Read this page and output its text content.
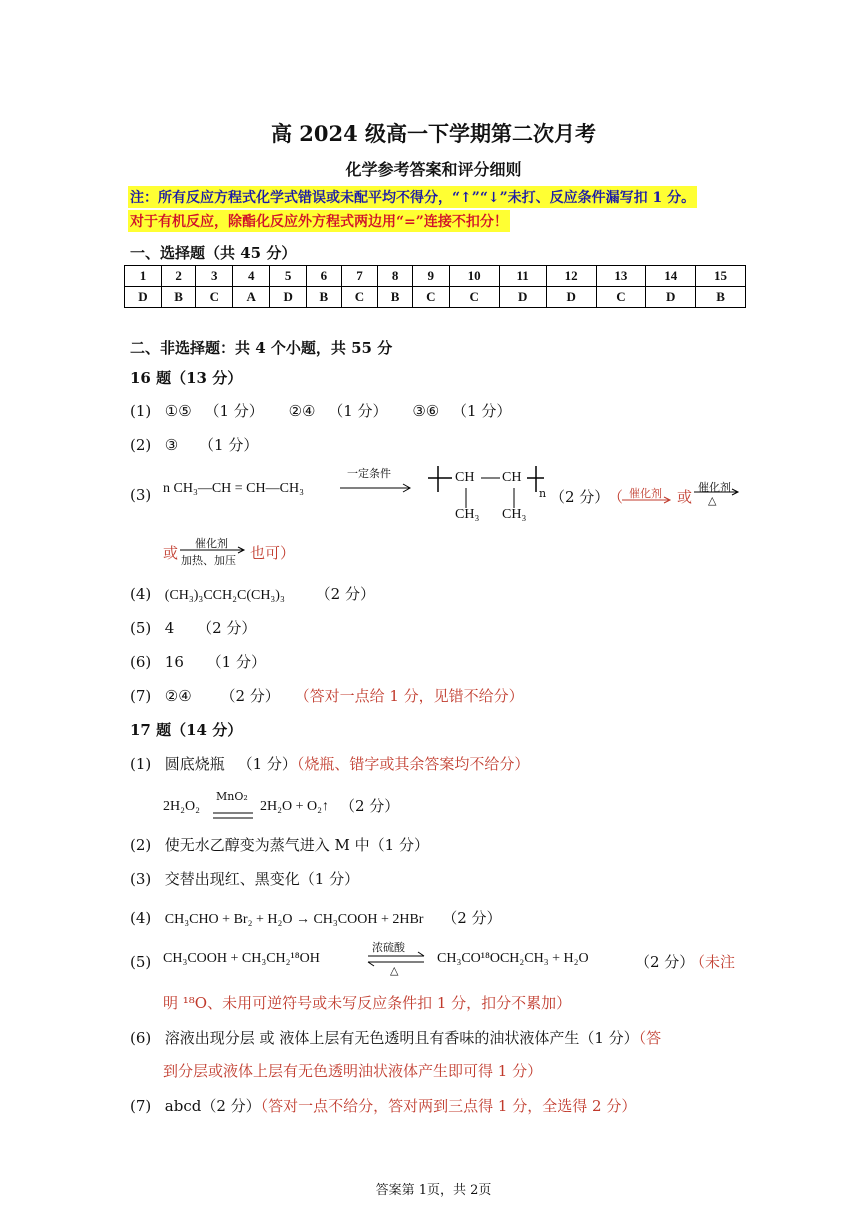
高 2024 级高一下学期第二次月考
化学参考答案和评分细则
注：所有反应方程式化学式错误或未配平均不得分，“↑”“↓”未打、反应条件漏写扣 1 分。
对于有机反应，除酯化反应外方程式两边用“=”连接不扣分！
一、选择题（共 45 分）
1	2	3	4	5	6	7	8	9	10	11	12	13	14	15
D	B	C	A	D	B	C	B	C	C	D	D	C	D	B
二、非选择题：共 4 个小题，共 55 分
16 题（13 分）
(1) ①⑤ （1 分） ②④ （1 分） ③⑥ （1 分）
(2) ③ （1 分）
(3) n CH₃—CH = CH—CH₃
一定条件	CH CH
CH₃ CH₃
n （2 分）
（ 催化剂 或
催化剂
△
或
催化剂
加热、加压 也可）
(4) (CH₃)₃CCH₂C(CH₃)₃ （2 分）
(5) 4 （2 分）
(6) 16 （1 分）
(7) ②④ （2 分） （答对一点给 1 分，见错不给分）
17 题（14 分）
(1) 圆底烧瓶 （1 分）（烧瓶、错字或其余答案均不给分）
2H₂O₂
MnO₂
2H₂O + O₂↑ （2 分）
(2) 使无水乙醇变为蒸气进入 M 中（1 分）
(3) 交替出现红、黑变化（1 分）
(4) CH₃CHO + Br₂ + H₂O → CH₃COOH + 2HBr （2 分）
(5) CH₃COOH + CH₃CH₂¹⁸OH
浓硫酸
△
CH₃CO¹⁸OCH₂CH₃ + H₂O	（2 分）
（未注
明 ¹⁸O、未用可逆符号或未写反应条件扣 1 分，扣分不累加）
(6) 溶液出现分层 或 液体上层有无色透明且有香味的油状液体产生（1 分）（答
到分层或液体上层有无色透明油状液体产生即可得 1 分）
(7) abcd（2 分）（答对一点不给分，答对两到三点得 1 分，全选得 2 分）
答案第 1页，共 2页
